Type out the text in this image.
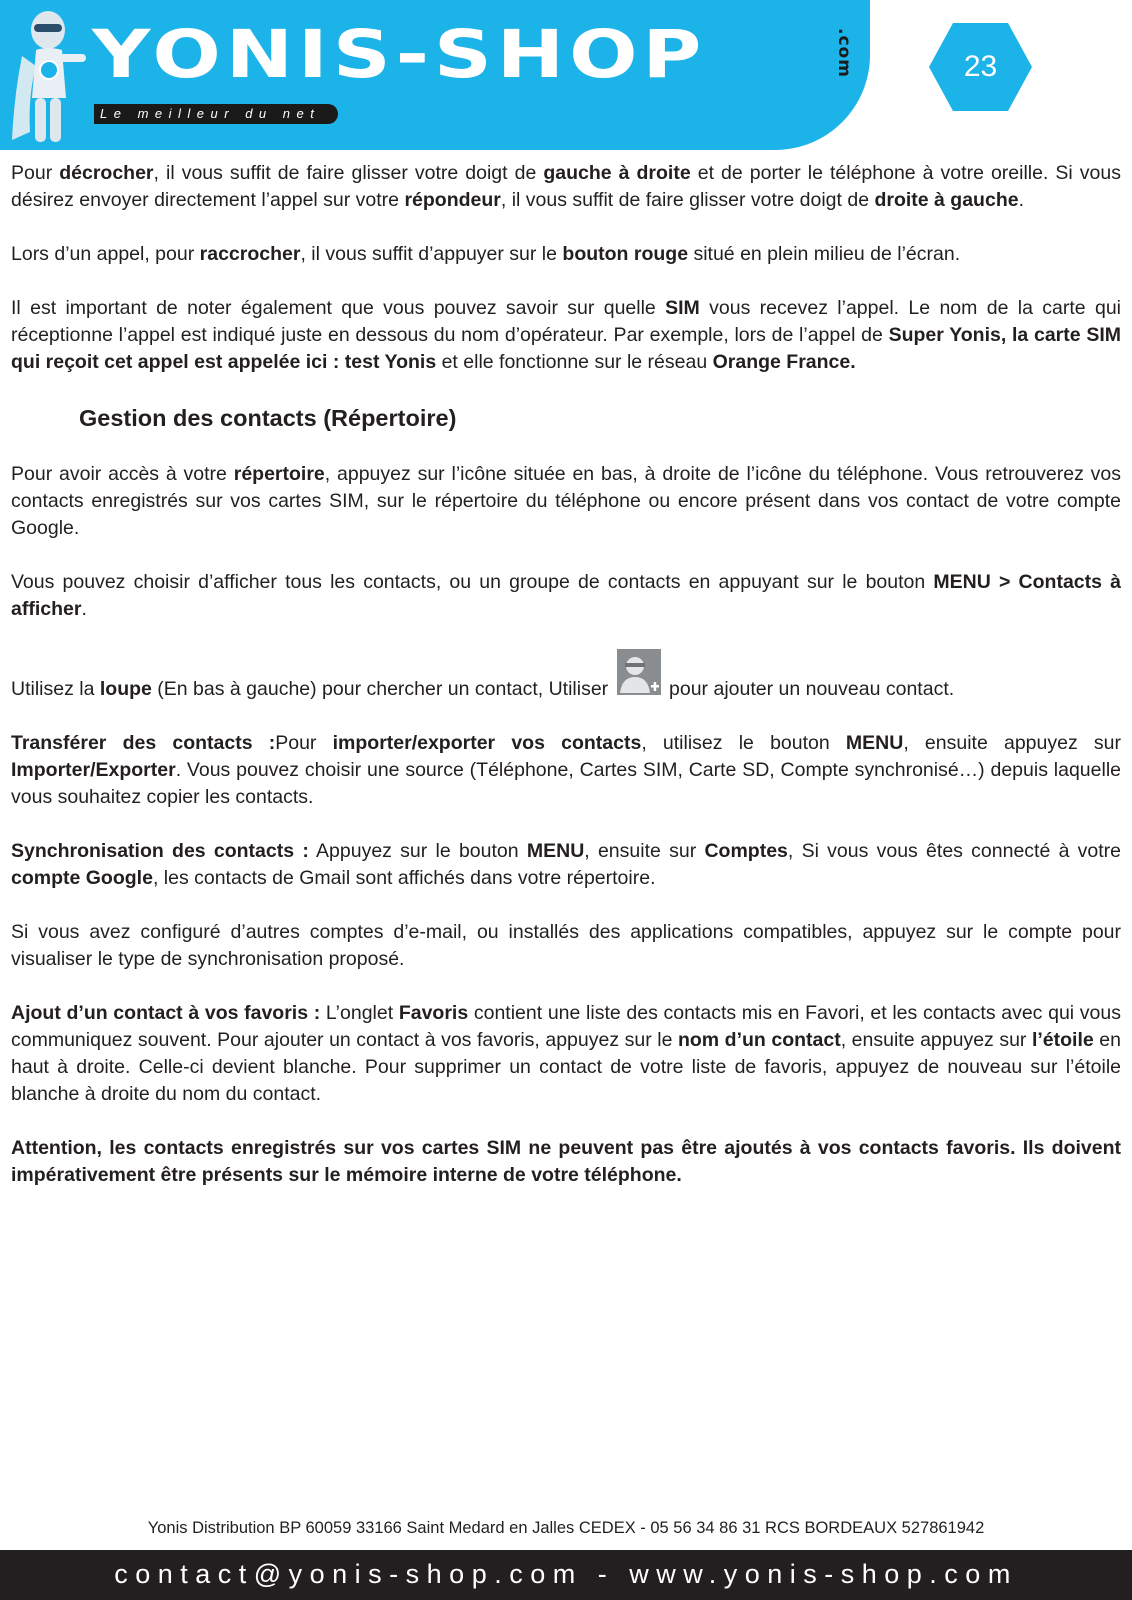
YONIS-SHOP	.com
Le meilleur du net
23

Pour décrocher, il vous suffit de faire glisser votre doigt de gauche à droite et de porter le téléphone à votre oreille. Si vous désirez envoyer directement l’appel sur votre répondeur, il vous suffit de faire glisser votre doigt de droite à gauche.

Lors d’un appel, pour raccrocher, il vous suffit d’appuyer sur le bouton rouge situé en plein milieu de l’écran.

Il est important de noter également que vous pouvez savoir sur quelle SIM vous recevez l’appel. Le nom de la carte qui réceptionne l’appel est indiqué juste en dessous du nom d’opérateur. Par exemple, lors de l’appel de Super Yonis, la carte SIM qui reçoit cet appel est appelée ici : test Yonis et elle fonctionne sur le réseau Orange France.

Gestion des contacts (Répertoire)

Pour avoir accès à votre répertoire, appuyez sur l’icône située en bas, à droite de l’icône du téléphone. Vous retrouverez vos contacts enregistrés sur vos cartes SIM, sur le répertoire du téléphone ou encore présent dans vos contact de votre compte Google.

Vous pouvez choisir d’afficher tous les contacts, ou un groupe de contacts en appuyant sur le bouton MENU > Contacts à afficher.

Utilisez la loupe (En bas à gauche) pour chercher un contact, Utiliser	pour ajouter un nouveau contact.

Transférer des contacts :Pour importer/exporter vos contacts, utilisez le bouton MENU, ensuite appuyez sur Importer/Exporter. Vous pouvez choisir une source (Téléphone, Cartes SIM, Carte SD, Compte synchronisé…) depuis laquelle vous souhaitez copier les contacts.

Synchronisation des contacts : Appuyez sur le bouton MENU, ensuite sur Comptes, Si vous vous êtes connecté à votre compte Google, les contacts de Gmail sont affichés dans votre répertoire.

Si vous avez configuré d’autres comptes d’e-mail, ou installés des applications compatibles, appuyez sur le compte pour visualiser le type de synchronisation proposé.

Ajout d’un contact à vos favoris : L’onglet Favoris contient une liste des contacts mis en Favori, et les contacts avec qui vous communiquez souvent. Pour ajouter un contact à vos favoris, appuyez sur le nom d’un contact, ensuite appuyez sur l’étoile en haut à droite. Celle-ci devient blanche. Pour supprimer un contact de votre liste de favoris, appuyez de nouveau sur l’étoile blanche à droite du nom du contact.

Attention, les contacts enregistrés sur vos cartes SIM ne peuvent pas être ajoutés à vos contacts favoris. Ils doivent impérativement être présents sur le mémoire interne de votre téléphone.

Yonis Distribution BP 60059 33166 Saint Medard en Jalles CEDEX - 05 56 34 86 31 RCS BORDEAUX 527861942
contact@yonis-shop.com - www.yonis-shop.com
